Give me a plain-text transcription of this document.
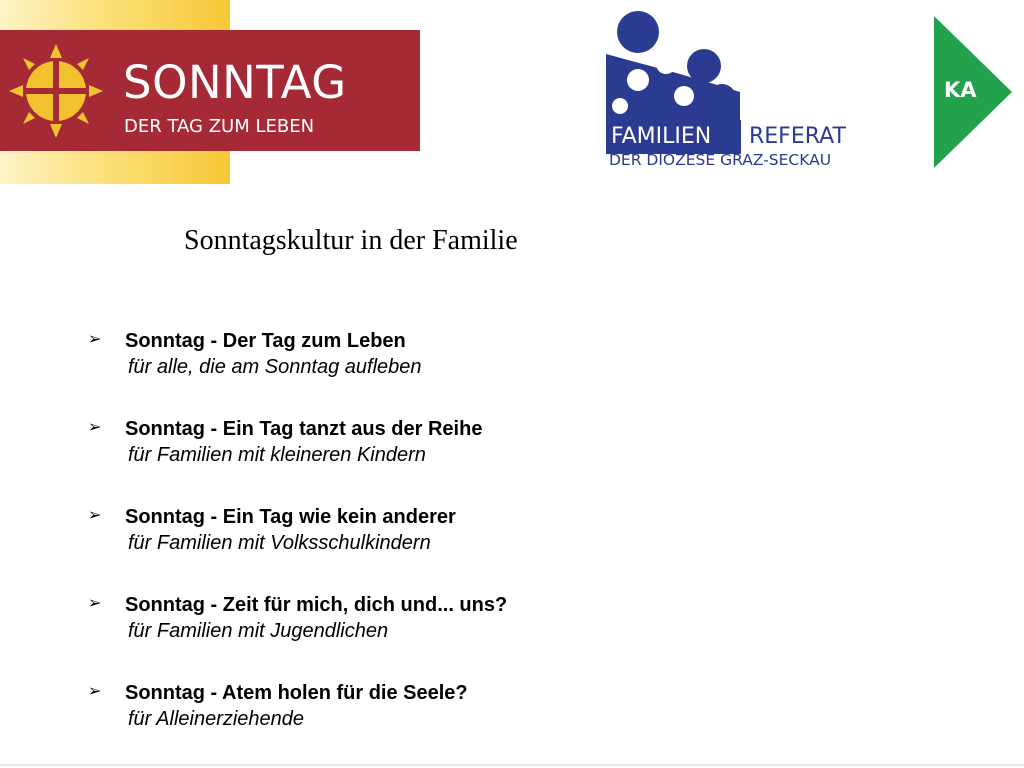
SONNTAG
DER TAG ZUM LEBEN	FAMILIEN REFERAT
DER DIÖZESE GRAZ-SECKAU
KA
Sonntagskultur in der Familie
➢ Sonntag - Der Tag zum Leben
für alle, die am Sonntag aufleben
➢ Sonntag - Ein Tag tanzt aus der Reihe
für Familien mit kleineren Kindern
➢ Sonntag - Ein Tag wie kein anderer
für Familien mit Volksschulkindern
➢ Sonntag - Zeit für mich, dich und... uns?
für Familien mit Jugendlichen
➢ Sonntag - Atem holen für die Seele?
für Alleinerziehende
